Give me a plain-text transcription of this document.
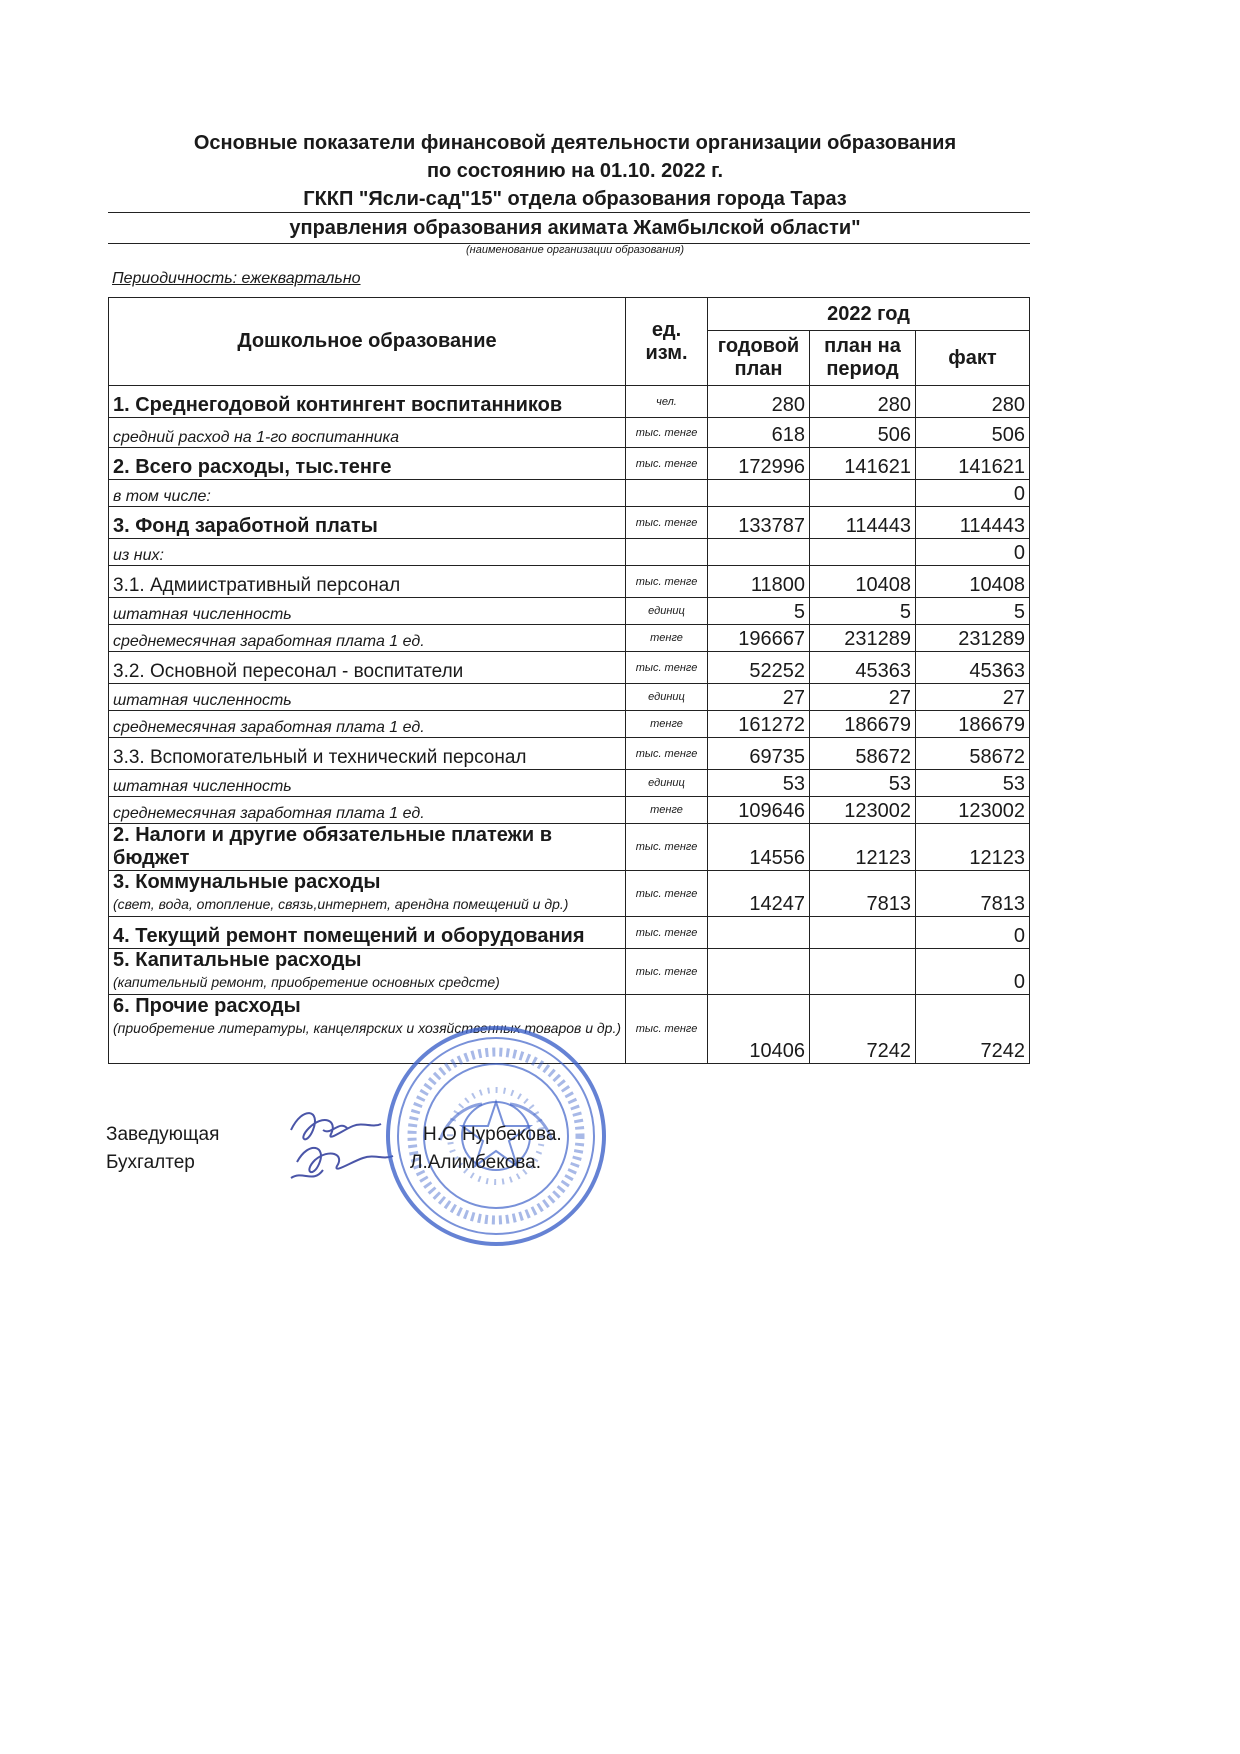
Основные показатели финансовой деятельности организации образования
по состоянию на 01.10. 2022 г.
ГККП "Ясли-сад"15" отдела образования города Тараз
управления образования акимата Жамбылской области"
(наименование организации образования)
Периодичность: ежеквартально
Дошкольное образование	ед. изм.	2022 год		
		годовой план	план на период	факт
1. Среднегодовой контингент воспитанников	чел.	280	280	280
средний расход на 1-го воспитанника	тыс. тенге	618	506	506
2. Всего расходы, тыс.тенге	тыс. тенге	172996	141621	141621
в том числе:				0
3. Фонд заработной платы	тыс. тенге	133787	114443	114443
из них:				0
3.1. Адмиистративный персонал	тыс. тенге	11800	10408	10408
штатная численность	единиц	5	5	5
среднемесячная заработная плата 1 ед.	тенге	196667	231289	231289
3.2. Основной пересонал - воспитатели	тыс. тенге	52252	45363	45363
штатная численность	единиц	27	27	27
среднемесячная заработная плата 1 ед.	тенге	161272	186679	186679
3.3. Вспомогательный и технический персонал	тыс. тенге	69735	58672	58672
штатная численность	единиц	53	53	53
среднемесячная заработная плата 1 ед.	тенге	109646	123002	123002
2. Налоги и другие обязательные платежи в бюджет	тыс. тенге	14556	12123	12123
3. Коммунальные расходы
(свет, вода, отопление, связь,интернет, арендна помещений и др.)	тыс. тенге	14247	7813	7813
4. Текущий ремонт помещений и оборудования	тыс. тенге			0
5. Капитальные расходы
(капительный ремонт, приобретение основных средстe)	тыс. тенге			0
6. Прочие расходы
(приобретение литературы, канцелярских и хозяйственных товаров и др.)	тыс. тенге	10406	7242	7242
Заведующая
Бухгалтер
Н.О Нурбекова.
Л.Алимбекова.
